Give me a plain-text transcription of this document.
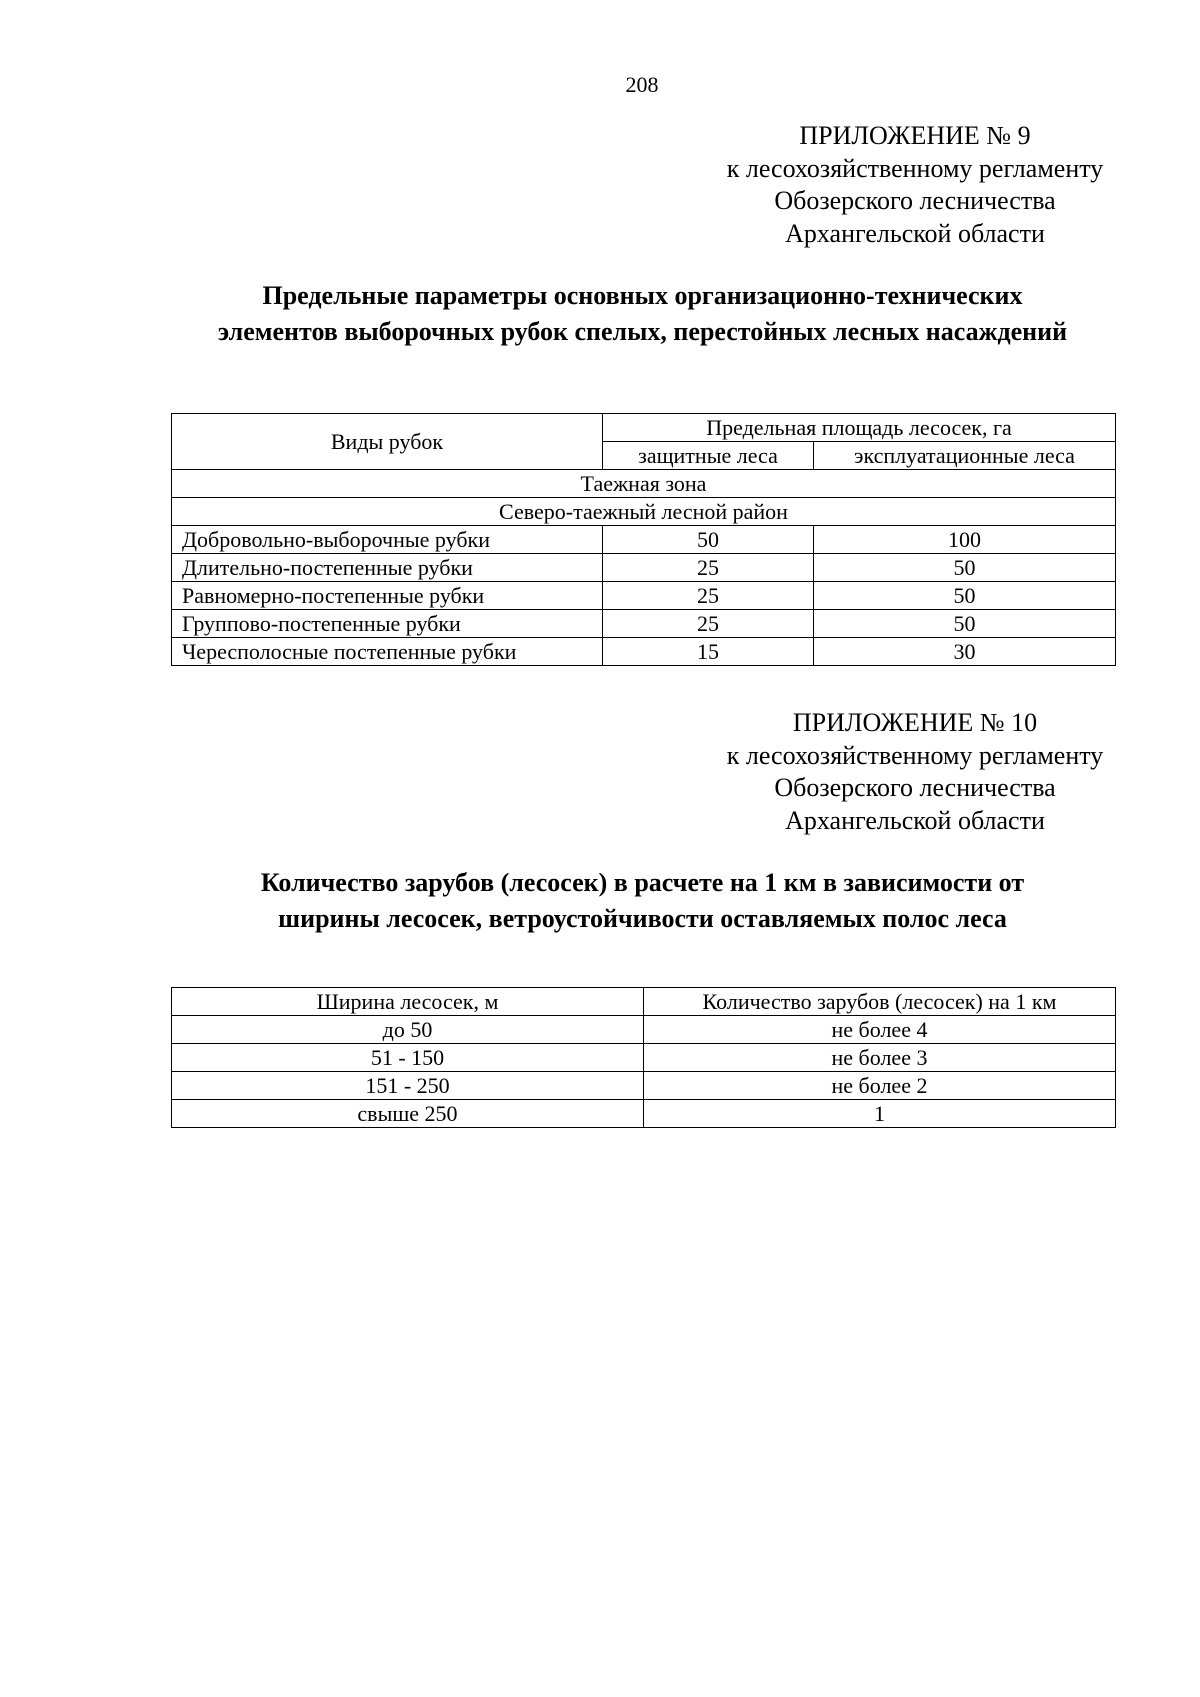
208
ПРИЛОЖЕНИЕ № 9
к лесохозяйственному регламенту
Обозерского лесничества
Архангельской области
Предельные параметры основных организационно-технических
элементов выборочных рубок спелых, перестойных лесных насаждений
Виды рубок	Предельная площадь лесосек, га	
	защитные леса	эксплуатационные леса
Таежная зона		
Северо-таежный лесной район		
Добровольно-выборочные рубки	50	100
Длительно-постепенные рубки	25	50
Равномерно-постепенные рубки	25	50
Группово-постепенные рубки	25	50
Чересполосные постепенные рубки	15	30
ПРИЛОЖЕНИЕ № 10
к лесохозяйственному регламенту
Обозерского лесничества
Архангельской области
Количество зарубов (лесосек) в расчете на 1 км в зависимости от
ширины лесосек, ветроустойчивости оставляемых полос леса
Ширина лесосек, м	Количество зарубов (лесосек) на 1 км
до 50	не более 4
51 - 150	не более 3
151 - 250	не более 2
свыше 250	1
